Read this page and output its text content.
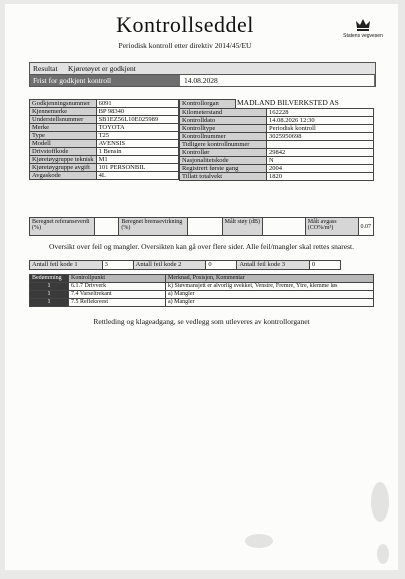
Kontrollseddel
Periodisk kontroll etter direktiv 2014/45/EU
Statens vegvesen
Resultat Kjøretøyet er godkjent
Frist for godkjent kontroll	14.08.2028
Godkjenningsnummer	6091
Kjennemerke	BP 98340
Understellsnummer	SB1EZ56L10E025989
Merke	TOYOTA
Type	T25
Modell	AVENSIS
Drivstoffkode	1 Bensin
Kjøretøygruppe teknisk	M1
Kjøretøygruppe avgift	101 PERSONBIL
Avgaskode	4L
Kontrollorgan	MADLAND BILVERKSTED AS
Kilometerstand	162228
Kontrolldato	14.08.2026 12:30
Kontrolltype	Periodisk kontroll
Kontrollnummer	3025950698
Tidligere kontrollnummer	
Kontrollør	29842
Nasjonalitetskode	N
Registrert første gang	2004
Tillatt totalvekt	1820
Beregnet referanseverdi (%)		Beregnet bremsevirkning (%)		Målt støy (dB)		Målt avgass (CO%/m³)	0.07
Oversikt over feil og mangler. Oversikten kan gå over flere sider. Alle feil/mangler skal rettes snarest.
Antall feil kode 1	3	Antall feil kode 2	0	Antall feil kode 3	0
Bedømming	Kontrollpunkt	Merknad, Posisjon, Kommentar
1	6.1.7 Drivverk	k) Støvmansjett er alvorlig svekket, Venstre, Fremre, Ytre, klemme løs
1	7.4 Varseltrekant	a) Mangler
1	7.5 Refleksvest	a) Mangler
Rettleding og klageadgang, se vedlegg som utleveres av kontrollorganet
